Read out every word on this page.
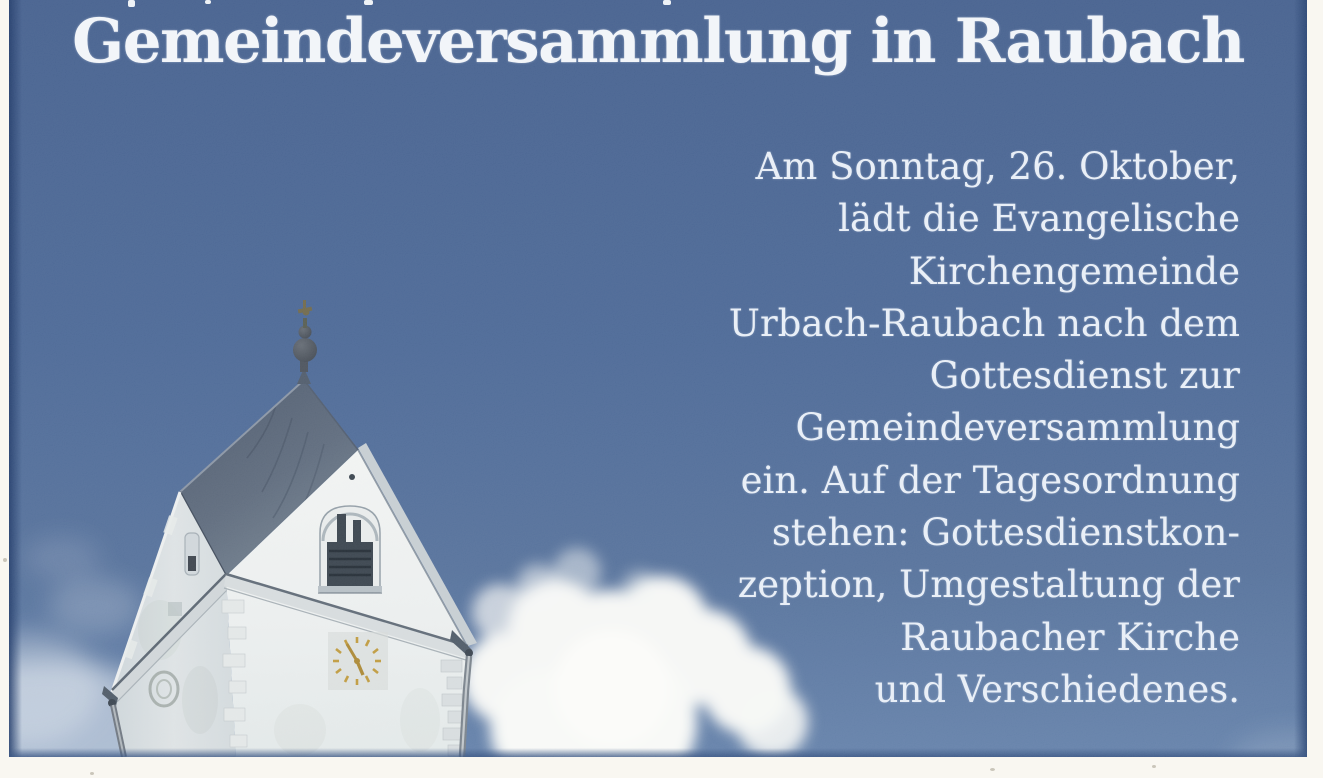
Gemeindeversammlung in Raubach
Am Sonntag, 26. Oktober,
lädt die Evangelische
Kirchengemeinde
Urbach-Raubach nach dem
Gottesdienst zur
Gemeindeversammlung
ein. Auf der Tagesordnung
stehen: Gottesdienstkon-
zeption, Umgestaltung der
Raubacher Kirche
und Verschiedenes.
